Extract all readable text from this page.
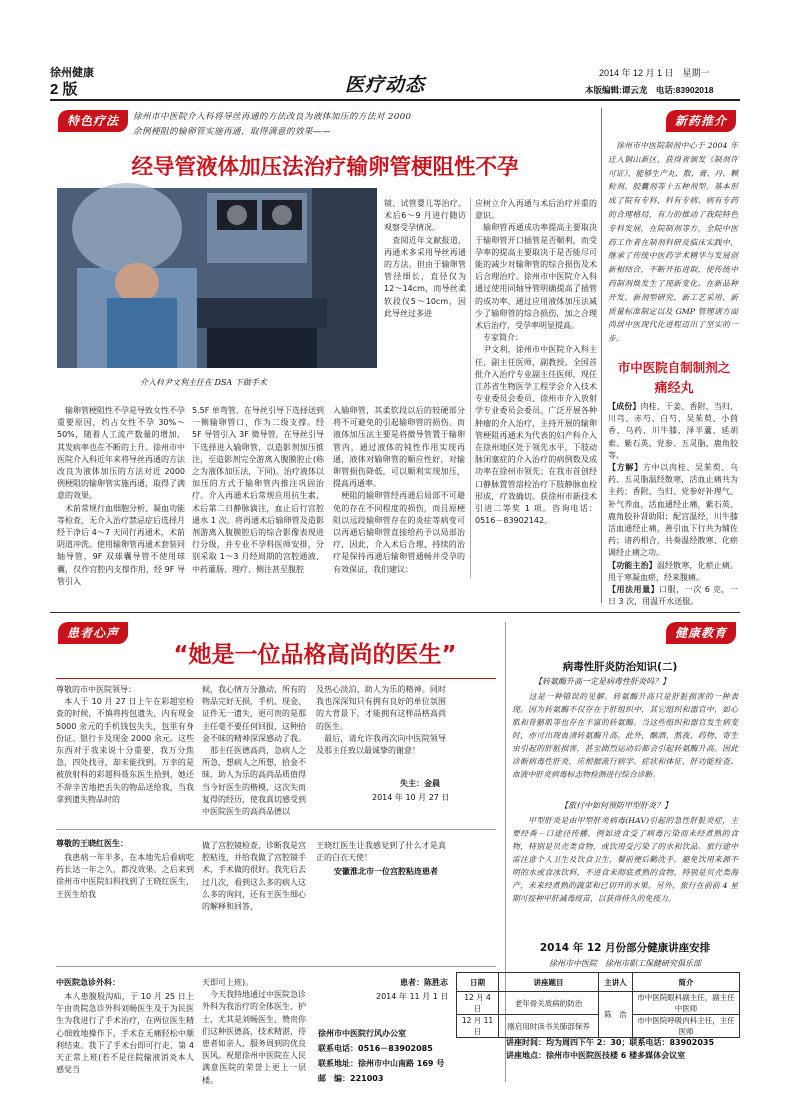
徐州健康
2 版	医疗动态
2014 年 12 月 1 日　星期一
本版编辑:谭云龙　电话:83902018
特色疗法	徐州市中医院介入科将导丝再通的方法改良为液体加压的方法对 2000
余例梗阻的输卵管实施再通，取得满意的效果——
经导管液体加压法治疗输卵管梗阻性不孕
介入科尹文利主任在 DSA 下做手术
镜、试管婴儿等治疗。术后6～9 月进行随访观察受孕情况。
　查阅近年文献报道，再通术多采用导丝再通的方法。但由于输卵管管径细长，直径仅为12～14cm，而导丝柔软段仅5～10cm，因此导丝过多进
应树立介入再通与术后治疗并重的意识。
　输卵管再通成功率提高主要取决于输卵管开口插管是否顺利，而受孕率的提高主要取决于是否能尽可能的减少对输卵管的综合损伤及术后合理治疗。徐州市中医院介入科通过使用同轴导管明确提高了插管的成功率，通过应用液体加压法减少了输卵管的综合损伤，加之合理术后治疗，受孕率明显提高。
　专家简介：
　尹文利，徐州市中医院介入科主任，副主任医师，副教授。全国首批介入治疗专业副主任医师，现任江苏省生物医学工程学会介入技术专业委员会委员、徐州市介入放射学专业委员会委员。广泛开展各种肿瘤的介入治疗，主持开展的输卵管梗阻再通术为代表的妇产科介入在徐州地区处于领先水平，下肢动脉闭塞症的介入治疗的病例数及成功率在徐州市领先；在我市首创经口静脉置管溶栓治疗下肢静脉血栓形成，疗效确切。获徐州市新技术引进二等奖 1 项。咨询电话：0516－83902142。
　输卵管梗阻性不孕是导致女性不孕重要原因，约占女性不孕 30%～50%，随着人工流产数量的增加，其发病率也在不断的上升。徐州市中医院介入科近年来将导丝再通的方法改良为液体加压的方法对近 2000 例梗阻的输卵管实施再通，取得了满意的效果。
　术前常规行血细胞分析、凝血功能等检查，无介入治疗禁忌症后选择月经干净后 4～7 天同行再通术，术前阴道冲洗。使用输卵管再通术套装同轴导管，9F 双球囊导管不使用球囊，仅作宫腔内支撑作用，经 9F 导管引入
5.5F 单弯管，在导丝引导下选择送到一侧输卵管口，作为二级支撑。经 5F 导管引入 3F 微导管，在导丝引导下选择进入输卵管，以造影剂加压推注，至造影剂完全游离入腹膜腔止(称之为液体加压法，下同)。治疗液体以加压的方式于输卵管内推注巩固治疗。介入再通术后常规应用抗生素，术后第二日静脉滴注，血止后行宫腔通水 1 次。将再通术后输卵管及造影剂游离入腹膜腔后的综合影像表现进行分级，并专业不孕科医师安排，分别采取 1～3 月经周期的宫腔通液、中药灌肠、理疗、侧注甚至腹腔
入输卵管，其柔软段以后的较硬部分将不可避免的引起输卵管的损伤。而液体加压法主要是将微导管置于输卵管内，通过液体的钝性作用实现再通，液体对输卵管的顺应性好，对输卵管损伤降低，可以顺利实现加压，提高再通率。
　梗阻的输卵管经再通后局部不可避免的存在不同程度的损伤，而且原梗阻以远段输卵管存在的炎症等病变可以再通后输卵管直接给药予以局部治疗，因此，介入术后合理、持续的治疗是保持再通后输卵管通畅并受孕的有效保证，我们建议：
新药推介
　徐州市中医院制剂中心于 2004 年迁入铜山新区，获得省颁发《制剂许可证》，能够生产丸、散、膏、丹、颗粒剂、胶囊剂等十五种剂型。基本形成了院有专科、科有专病、病有专药的合理格局，有力的推动了我院特色专科发展，在院制剂等方，全院中医药工作者在制剂科研及临床实践中，继承了传统中医药学术精华与发展创新相结合，不断开拓进取，使传统中药制剂焕发生了现新变化。在新品种开发、新剂型研究、新工艺采用、新质量标准制定以及 GMP 管理诸方面尚居中医现代化进程迈出了坚实的一步。
市中医院自制制剂之
痛经丸
【成份】肉桂、干姜、香附、当归、川芎、赤芍、白芍、吴茱萸、小茴香、乌药、川牛膝、泽半蘆、延胡索、紫石英、党参、五灵脂、鹿角胶等。
【方解】方中以肉桂、吴茱萸、乌药、五灵脂温经散寒，活血止痛共为主药；香附、当归、党参好补理气、补气养血，活血通经止痛，紫石英、鹿角胶补肾助阳；配宫温经，川牛膝活血通经止痛，善引血下行共为辅佐药；诸药相合，共奏温经散寒、化瘀调经止痛之功。
【功能主治】温经散寒，化瘀止痛。用于寒凝血瘀，经来腹痛。
【用法用量】口服，一次 6 克，一日 3 次，用温开水送服。
患者心声
“她是一位品格高尚的医生”
尊敬的市中医院领导：
　本人于 10 月 27 日上午在彩超室检查的时候，不慎将挎包遗失，内有现金 5000 余元的手机钱包失失，包里有身份证、银行卡及现金 2000 余元。这些东西对于我来说十分重要，我万分焦急，四处找寻，却未能找到。万幸的是被放射科的彩超科聂东医生拾到，她还不辞辛苦地把丢失的物品送给我，当我拿到遗失物品时的
候，我心情万分激动，所有的物品完好无损，手机、现金、证件无一遗失，更可贵的是那主任毫不要任何回报，这种拾金不昧的精神深深感动了我。
　那主任医德高尚，急病人之所急，想病人之所想，拾金不昧，助人为乐的高尚品质值得当今好医生的楷模，这次失而复得的经历，使我真切感受到中医院医生的高尚品德以
及热心淡泊、助人为乐的精神。同时我也深深知只有拥有良好的单位氛围的大背景下，才能拥有这样品格高尚的医生。
　最后，请允许我再次向中医院领导及那主任致以最诚挚的谢意！
失主：金晨
2014 年 10 月 27 日
尊敬的王晓红医生：
　我患病一年半多，在本地先后看病吃药长达一年之久，都没效果。之后来到徐州市中医院妇科找到了王晓红医生，王医生给我
做了宫腔镜检查，诊断我是宫腔粘连，并给我做了宫腔镜手术，手术做的很好。我先后去过几次，看到这么多的病人这么多的询问，还有王医生细心的解释和回答，
王晓红医生让我感觉到了什么才是真正的白衣天使！
安徽淮北市一位宫腔粘连患者
中医院急诊外科：
　本人患腹股沟疝，于 10 月 25 日上午由贵院急诊外科刘畅医生及于为民医生为我进行了手术治疗，在两位医生精心细致地操作下，手术在无痛轻松中顺利结束。我下了手术台即可行走，第 4 天正常上班(若不是住院输液消炎本人感觉当
天即可上班)。
　今天我特地通过中医院急诊外科为我治疗的全体医生、护士，尤其是刘畅医生，赞贵你们这种医德高，技术精湛，待患者如亲人，服务周到的优良医风。祝愿徐州中医院在人民满意医院的荣誉上更上一层楼。
患者：陈胜志
2014 年 11 月 1 日
徐州市中医院行风办公室
联系电话：0516－83902085
联系地址：徐州市中山南路 169 号
邮　编：221003
健康教育
病毒性肝炎防治知识(二)
【转氨酶升高一定是病毒性肝炎吗？】
　　这是一种错误的见解。转氨酶升高只是肝脏损害的一种表现。因为转氨酶不仅存在于肝组织中，其它组织和器官中，如心肌和骨骼肌等也存在丰富的转氨酶。当这些组织和器官发生病变时，亦可出现血清转氨酶升高。此外，酗酒、熬夜、药物、寄生虫引起的肝脏损害，甚至剧烈运动后都会引起转氨酶升高。因此诊断病毒性肝炎，应根据流行病学、症状和体征、肝功能检查、血液中肝炎病毒标志物检测进行综合诊断。
【旅行中如何预防甲型肝炎？】
　　甲型肝炎是由甲型肝炎病毒(HAV)引起的急性肝脏炎症，主要经粪－口途径传播，例如进食受了病毒污染而未经煮熟的食物，特别是贝壳类食物，或饮用受污染了的水和饮品。旅行途中需注意个人卫生及饮食卫生，餐前便后勤洗手，避免饮用来源不明的水或食冰饮料，不进食未彻底煮熟的食物，特别是贝壳类海产，未来经煮熟的蔬菜和已切开的水果。另外，旅行在前前 4 星期可接种甲肝减毒疫苗，以获得持久的免疫力。
2014 年 12 月份部分健康讲座安排
徐州市中医院　徐州市职工保健研究俱乐部
日期	讲座题目	主讲人	简介
12 月 4 日	老年骨关质病的防治	陈　浩	市中医院眼科副主任，副主任中医师
12 月 11 日	刚启用时读书关肺部保养		市中医院呼吸内科主任，主任医师
讲座时间：均为周四下午 2：30；联系电话：83902035
讲座地点：徐州市中医院医技楼 6 楼多媒体会议室
